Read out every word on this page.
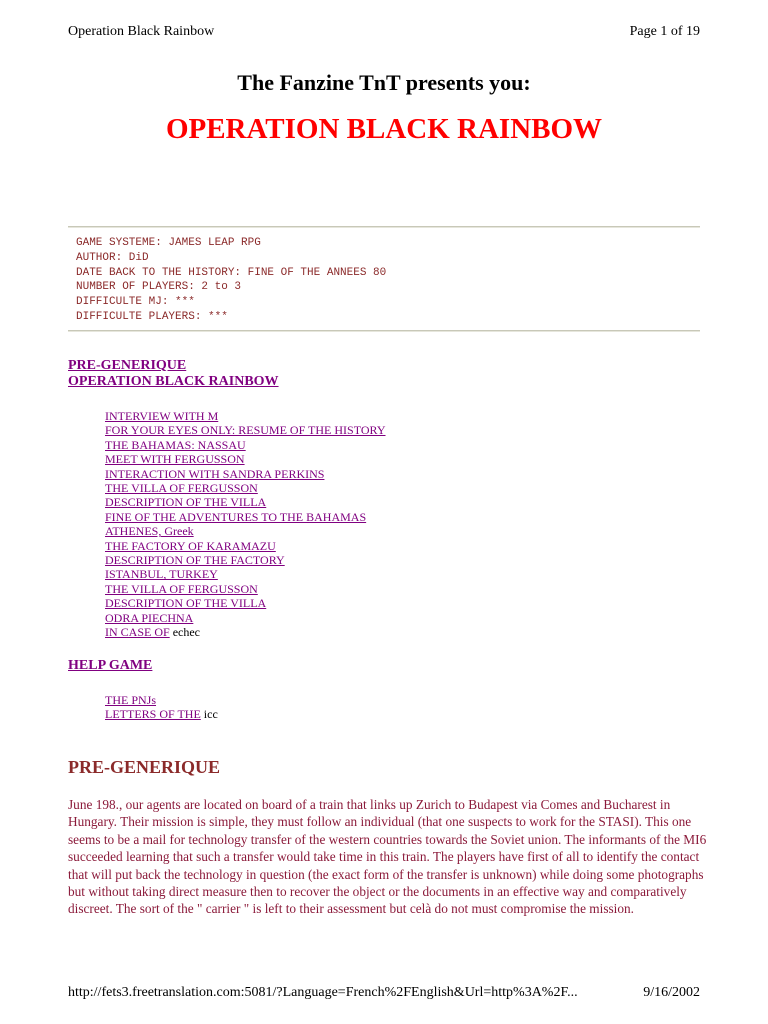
Operation Black Rainbow	Page 1 of 19
The Fanzine TnT presents you:
OPERATION BLACK RAINBOW
GAME SYSTEME: JAMES LEAP RPG
AUTHOR: DiD
DATE BACK TO THE HISTORY: FINE OF THE ANNEES 80
NUMBER OF PLAYERS: 2 to 3
DIFFICULTE MJ: ***
DIFFICULTE PLAYERS: ***
PRE-GENERIQUE
OPERATION BLACK RAINBOW
INTERVIEW WITH M
FOR YOUR EYES ONLY: RESUME OF THE HISTORY
THE BAHAMAS: NASSAU
MEET WITH FERGUSSON
INTERACTION WITH SANDRA PERKINS
THE VILLA OF FERGUSSON
DESCRIPTION OF THE VILLA
FINE OF THE ADVENTURES TO THE BAHAMAS
ATHENES, Greek
THE FACTORY OF KARAMAZU
DESCRIPTION OF THE FACTORY
ISTANBUL, TURKEY
THE VILLA OF FERGUSSON
DESCRIPTION OF THE VILLA
ODRA PIECHNA
IN CASE OF echec
HELP GAME
THE PNJs
LETTERS OF THE icc
PRE-GENERIQUE
June 198., our agents are located on board of a train that links up Zurich to Budapest via Comes and Bucharest in Hungary. Their mission is simple, they must follow an individual (that one suspects to work for the STASI). This one seems to be a mail for technology transfer of the western countries towards the Soviet union. The informants of the MI6 succeeded learning that such a transfer would take time in this train. The players have first of all to identify the contact that will put back the technology in question (the exact form of the transfer is unknown) while doing some photographs but without taking direct measure then to recover the object or the documents in an effective way and comparatively discreet. The sort of the " carrier " is left to their assessment but celà do not must compromise the mission.
http://fets3.freetranslation.com:5081/?Language=French%2FEnglish&Url=http%3A%2F...	9/16/2002
